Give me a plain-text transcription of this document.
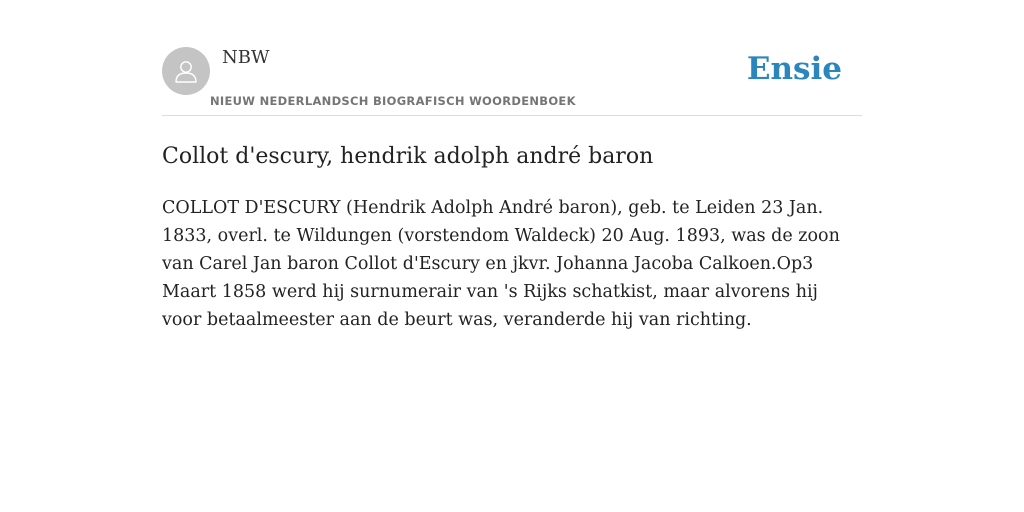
NBW
NIEUW NEDERLANDSCH BIOGRAFISCH WOORDENBOEK
Ensie
Collot d'escury, hendrik adolph andré baron

COLLOT D'ESCURY (Hendrik Adolph André baron), geb. te Leiden 23 Jan. 1833, overl. te Wildungen (vorstendom Waldeck) 20 Aug. 1893, was de zoon van Carel Jan baron Collot d'Escury en jkvr. Johanna Jacoba Calkoen.Op3 Maart 1858 werd hij surnumerair van 's Rijks schatkist, maar alvorens hij voor betaalmeester aan de beurt was, veranderde hij van richting.
